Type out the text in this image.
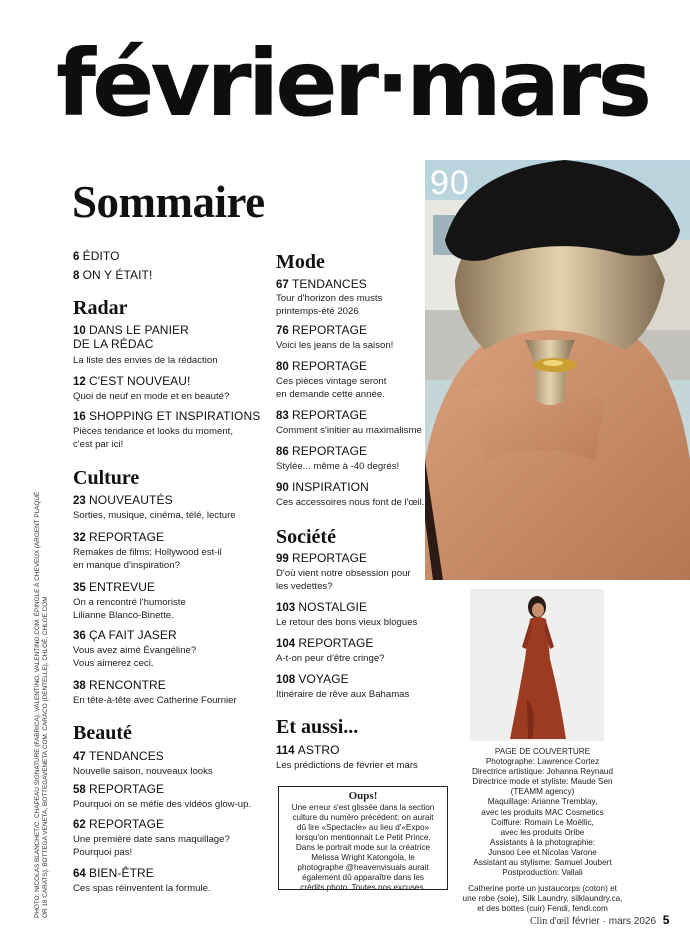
février·mars
Sommaire	90
6 ÉDITO
8 ON Y ÉTAIT!
Radar
10 DANS LE PANIER
DE LA RÉDAC
La liste des envies de la rédaction
12 C'EST NOUVEAU!
Quoi de neuf en mode et en beauté?
16 SHOPPING ET INSPIRATIONS
Pièces tendance et looks du moment,
c'est par ici!
Culture
23 NOUVEAUTÉS
Sorties, musique, cinéma, télé, lecture
32 REPORTAGE
Remakes de films: Hollywood est-il
en manque d'inspiration?
35 ENTREVUE
On a rencontré l'humoriste
Lilianne Blanco-Binette.
36 ÇA FAIT JASER
Vous avez aimé Évangéline?
Vous aimerez ceci.
38 RENCONTRE
En tête-à-tête avec Catherine Fournier
Beauté
47 TENDANCES
Nouvelle saison, nouveaux looks
58 REPORTAGE
Pourquoi on se méfie des vidéos glow-up.
62 REPORTAGE
Une première date sans maquillage?
Pourquoi pas!
64 BIEN-ÊTRE
Ces spas réinventent la formule.
Mode
67 TENDANCES
Tour d'horizon des musts
printemps-été 2026
76 REPORTAGE
Voici les jeans de la saison!
80 REPORTAGE
Ces pièces vintage seront
en demande cette année.
83 REPORTAGE
Comment s'initier au maximalisme
86 REPORTAGE
Stylée... même à -40 degrés!
90 INSPIRATION
Ces accessoires nous font de l'œil.
Société
99 REPORTAGE
D'où vient notre obsession pour
les vedettes?
103 NOSTALGIE
Le retour des bons vieux blogues
104 REPORTAGE
A-t-on peur d'être cringe?
108 VOYAGE
Itinéraire de rêve aux Bahamas
Et aussi...
114 ASTRO
Les prédictions de février et mars
Oups!
Une erreur s'est glissée dans la section
culture du numéro précédent: on aurait
dû lire «Spectacle» au lieu d'«Expo»
lorsqu'on mentionnait Le Petit Prince.
Dans le portrait mode sur la créatrice
Melissa Wright Katongola, le
photographe @heavenvisuals aurait
également dû apparaître dans les
crédits photo. Toutes nos excuses.
PAGE DE COUVERTURE
Photographe: Lawrence Cortez
Directrice artistique: Johanna Reynaud
Directrice mode et styliste: Maude Sen
(TEAMM agency)
Maquillage: Arianne Tremblay,
avec les produits MAC Cosmetics
Coiffure: Romain Le Moëllic,
avec les produits Oribe
Assistants à la photographie:
Junsoo Lee et Nicolas Varone
Assistant au stylisme: Samuel Joubert
Postproduction: Vallali
Catherine porte un justaucorps (coton) et
une robe (soie), Silk Laundry, silklaundry.ca,
et des bottes (cuir) Fendi, fendi.com
PHOTO: NICOLAS BLANCHET/C. CHAPEAU SIGNATURE (FABRICA). VALENTINO, VALENTINO.COM. ÉPINGLE À CHEVEUX (ARGENT PLAQUÉ OR 18 CARATS), BOTTEGA VENETA, BOTTEGAVENETA.COM. CARACO (DENTELLE), CHLOÉ, CHLOE.COM
Clin d'œil février · mars 2026 5
